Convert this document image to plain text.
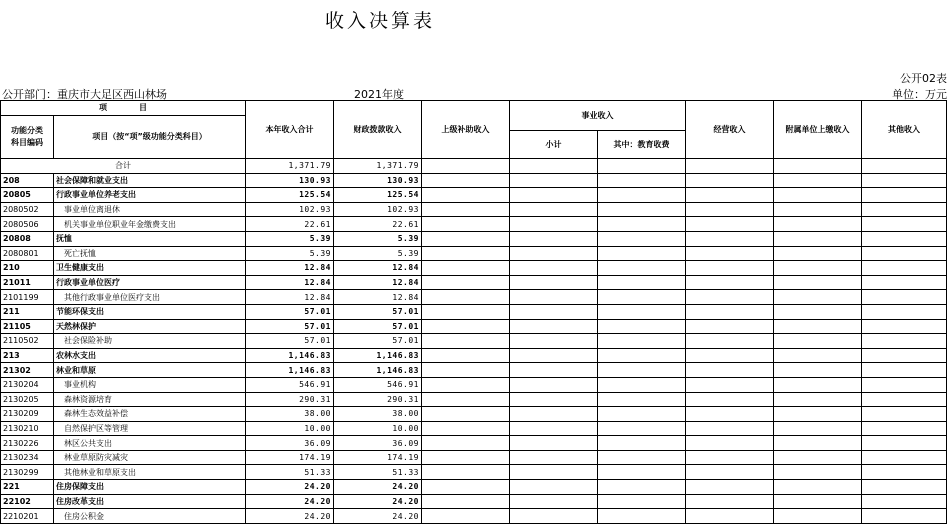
收入决算表
公开02表
公开部门：重庆市大足区西山林场	2021年度	单位：万元
项　　　　目		本年收入合计	财政拨款收入	上级补助收入	事业收入		经营收入	附属单位上缴收入	其他收入
功能分类
科目编码	项目（按“项”级功能分类科目）								
					小计	其中：教育收费			
合计		1,371.79	1,371.79						
208	社会保障和就业支出	130.93	130.93						
20805	行政事业单位养老支出	125.54	125.54						
2080502	事业单位离退休	102.93	102.93						
2080506	机关事业单位职业年金缴费支出	22.61	22.61						
20808	抚恤	5.39	5.39						
2080801	死亡抚恤	5.39	5.39						
210	卫生健康支出	12.84	12.84						
21011	行政事业单位医疗	12.84	12.84						
2101199	其他行政事业单位医疗支出	12.84	12.84						
211	节能环保支出	57.01	57.01						
21105	天然林保护	57.01	57.01						
2110502	社会保险补助	57.01	57.01						
213	农林水支出	1,146.83	1,146.83						
21302	林业和草原	1,146.83	1,146.83						
2130204	事业机构	546.91	546.91						
2130205	森林资源培育	290.31	290.31						
2130209	森林生态效益补偿	38.00	38.00						
2130210	自然保护区等管理	10.00	10.00						
2130226	林区公共支出	36.09	36.09						
2130234	林业草原防灾减灾	174.19	174.19						
2130299	其他林业和草原支出	51.33	51.33						
221	住房保障支出	24.20	24.20						
22102	住房改革支出	24.20	24.20						
2210201	住房公积金	24.20	24.20						
